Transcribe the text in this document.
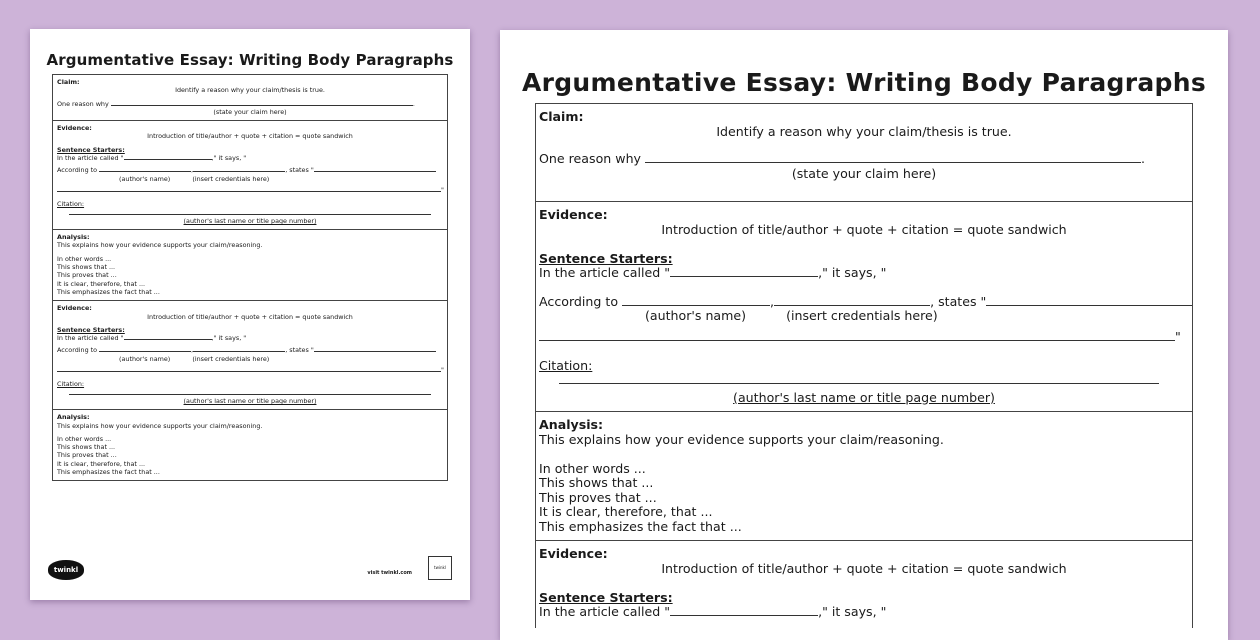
Argumentative Essay: Writing Body Paragraphs
Claim:
Identify a reason why your claim/thesis is true.
One reason why	.
(state your claim here)
Evidence:
Introduction of title/author + quote + citation = quote sandwich
Sentence Starters:
In the article called "	," it says, "
According to	,	, states "
(author's name)	(insert credentials here)
"
Citation:
(author's last name or title page number)
Analysis:
This explains how your evidence supports your claim/reasoning.
In other words ...
This shows that ...
This proves that ...
It is clear, therefore, that ...
This emphasizes the fact that ...
Evidence:
Introduction of title/author + quote + citation = quote sandwich
Sentence Starters:
In the article called "	," it says, "
According to	,	, states "
(author's name)	(insert credentials here)
"
Citation:
(author's last name or title page number)
Analysis:
This explains how your evidence supports your claim/reasoning.
In other words ...
This shows that ...
This proves that ...
It is clear, therefore, that ...
This emphasizes the fact that ...
twinkl	visit twinkl.com
twinkl
Argumentative Essay: Writing Body Paragraphs
Claim:
Identify a reason why your claim/thesis is true.
One reason why	.
(state your claim here)
Evidence:
Introduction of title/author + quote + citation = quote sandwich
Sentence Starters:
In the article called "	," it says, "
According to	,	, states "
(author's name)	(insert credentials here)
"
Citation:
(author's last name or title page number)
Analysis:
This explains how your evidence supports your claim/reasoning.
In other words ...
This shows that ...
This proves that ...
It is clear, therefore, that ...
This emphasizes the fact that ...
Evidence:
Introduction of title/author + quote + citation = quote sandwich
Sentence Starters:
In the article called "	," it says, "
